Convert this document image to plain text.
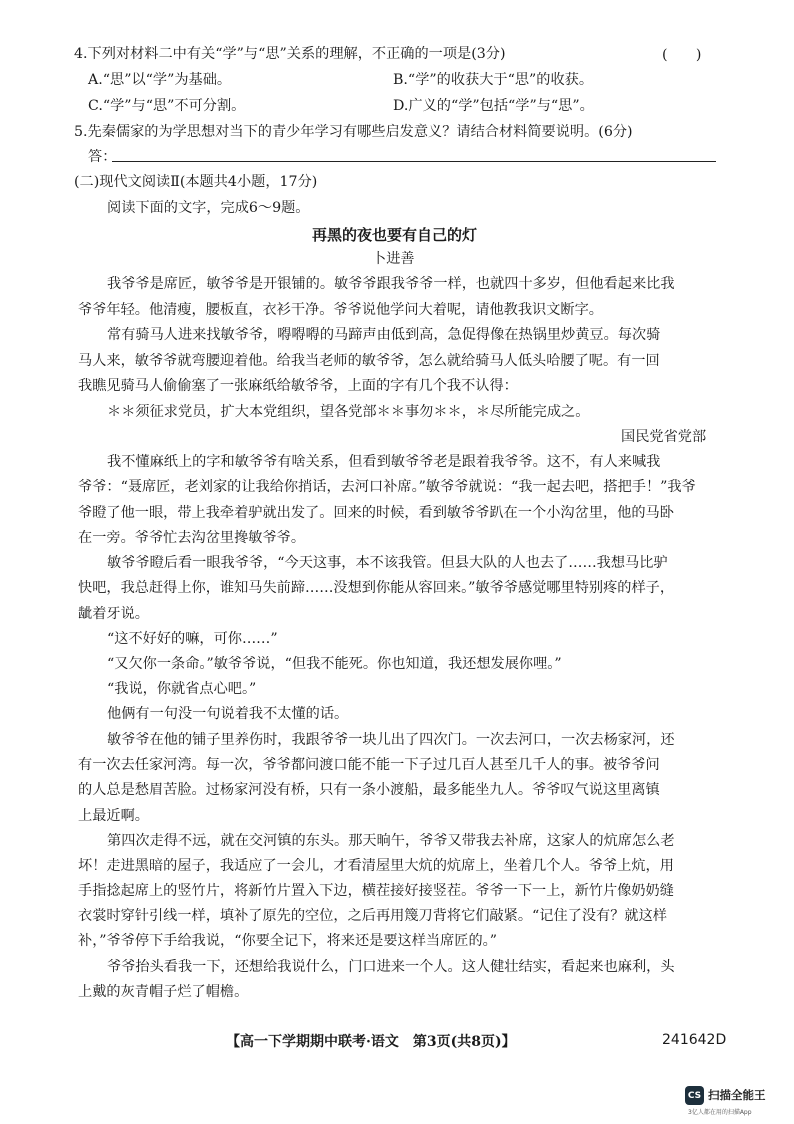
4.下列对材料二中有关“学”与“思”关系的理解，不正确的一项是(3分)	(　　)
A.“思”以“学”为基础。	B.“学”的收获大于“思”的收获。
C.“学”与“思”不可分割。	D.广义的“学”包括“学”与“思”。
5.先秦儒家的为学思想对当下的青少年学习有哪些启发意义？请结合材料简要说明。(6分)
答：
(二)现代文阅读Ⅱ(本题共4小题，17分)
阅读下面的文字，完成6～9题。
再黑的夜也要有自己的灯
卜进善
我爷爷是席匠，敏爷爷是开银铺的。敏爷爷跟我爷爷一样，也就四十多岁，但他看起来比我
爷爷年轻。他清瘦，腰板直，衣衫干净。爷爷说他学问大着呢，请他教我识文断字。
常有骑马人进来找敏爷爷，嘚嘚嘚的马蹄声由低到高，急促得像在热锅里炒黄豆。每次骑
马人来，敏爷爷就弯腰迎着他。给我当老师的敏爷爷，怎么就给骑马人低头哈腰了呢。有一回
我瞧见骑马人偷偷塞了一张麻纸给敏爷爷，上面的字有几个我不认得：
＊＊须征求党员，扩大本党组织，望各党部＊＊事勿＊＊，＊尽所能完成之。
国民党省党部
我不懂麻纸上的字和敏爷爷有啥关系，但看到敏爷爷老是跟着我爷爷。这不，有人来喊我
爷爷：“聂席匠，老刘家的让我给你捎话，去河口补席。”敏爷爷就说：“我一起去吧，搭把手！”我爷
爷瞪了他一眼，带上我牵着驴就出发了。回来的时候，看到敏爷爷趴在一个小沟岔里，他的马卧
在一旁。爷爷忙去沟岔里搀敏爷爷。
敏爷爷瞪后看一眼我爷爷，“今天这事，本不该我管。但县大队的人也去了……我想马比驴
快吧，我总赶得上你，谁知马失前蹄……没想到你能从容回来。”敏爷爷感觉哪里特别疼的样子，
龇着牙说。
“这不好好的嘛，可你……”
“又欠你一条命。”敏爷爷说，“但我不能死。你也知道，我还想发展你哩。”
“我说，你就省点心吧。”
他俩有一句没一句说着我不太懂的话。
敏爷爷在他的铺子里养伤时，我跟爷爷一块儿出了四次门。一次去河口，一次去杨家河，还
有一次去任家河湾。每一次，爷爷都问渡口能不能一下子过几百人甚至几千人的事。被爷爷问
的人总是愁眉苦脸。过杨家河没有桥，只有一条小渡船，最多能坐九人。爷爷叹气说这里离镇
上最近啊。
第四次走得不远，就在交河镇的东头。那天晌午，爷爷又带我去补席，这家人的炕席怎么老
坏！走进黑暗的屋子，我适应了一会儿，才看清屋里大炕的炕席上，坐着几个人。爷爷上炕，用
手指捻起席上的竖竹片，将新竹片置入下边，横茬接好接竖茬。爷爷一下一上，新竹片像奶奶缝
衣裳时穿针引线一样，填补了原先的空位，之后再用篾刀背将它们敲紧。“记住了没有？就这样
补，”爷爷停下手给我说，“你要全记下，将来还是要这样当席匠的。”
爷爷抬头看我一下，还想给我说什么，门口进来一个人。这人健壮结实，看起来也麻利，头
上戴的灰青帽子烂了帽檐。
【高一下学期期中联考·语文　第3页(共8页)】	241642D
CS 扫描全能王
3亿人都在用的扫描App
